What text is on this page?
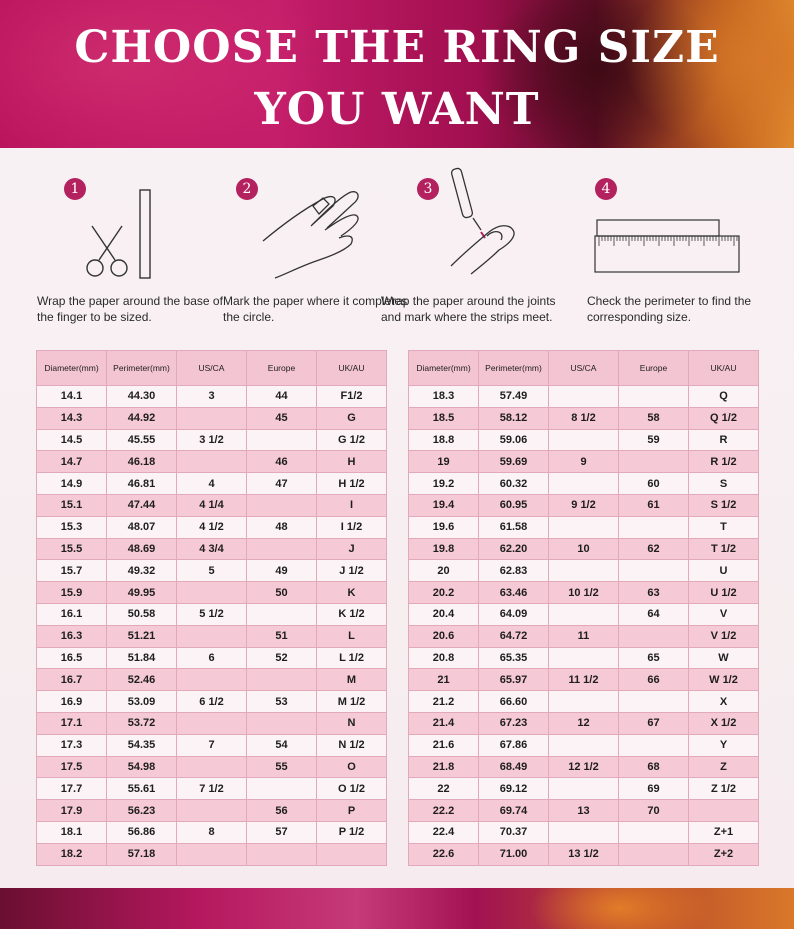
CHOOSE THE RING SIZE
YOU WANT
1
Wrap the paper around the base of the finger to be sized.
2
Mark the paper where it completes the circle.
3
Wrap the paper around the joints and mark where the strips meet.
4
Check the perimeter to find the corresponding size.
Diameter(mm)	Perimeter(mm)	US/CA	Europe	UK/AU
14.1	44.30	3	44	F1/2
14.3	44.92		45	G
14.5	45.55	3 1/2		G 1/2
14.7	46.18		46	H
14.9	46.81	4	47	H 1/2
15.1	47.44	4 1/4		I
15.3	48.07	4 1/2	48	I 1/2
15.5	48.69	4 3/4		J
15.7	49.32	5	49	J 1/2
15.9	49.95		50	K
16.1	50.58	5 1/2		K 1/2
16.3	51.21		51	L
16.5	51.84	6	52	L 1/2
16.7	52.46			M
16.9	53.09	6 1/2	53	M 1/2
17.1	53.72			N
17.3	54.35	7	54	N 1/2
17.5	54.98		55	O
17.7	55.61	7 1/2		O 1/2
17.9	56.23		56	P
18.1	56.86	8	57	P 1/2
18.2	57.18			
Diameter(mm)	Perimeter(mm)	US/CA	Europe	UK/AU
18.3	57.49			Q
18.5	58.12	8 1/2	58	Q 1/2
18.8	59.06		59	R
19	59.69	9		R 1/2
19.2	60.32		60	S
19.4	60.95	9 1/2	61	S 1/2
19.6	61.58			T
19.8	62.20	10	62	T 1/2
20	62.83			U
20.2	63.46	10 1/2	63	U 1/2
20.4	64.09		64	V
20.6	64.72	11		V 1/2
20.8	65.35		65	W
21	65.97	11 1/2	66	W 1/2
21.2	66.60			X
21.4	67.23	12	67	X 1/2
21.6	67.86			Y
21.8	68.49	12 1/2	68	Z
22	69.12		69	Z 1/2
22.2	69.74	13	70	
22.4	70.37			Z+1
22.6	71.00	13 1/2		Z+2
